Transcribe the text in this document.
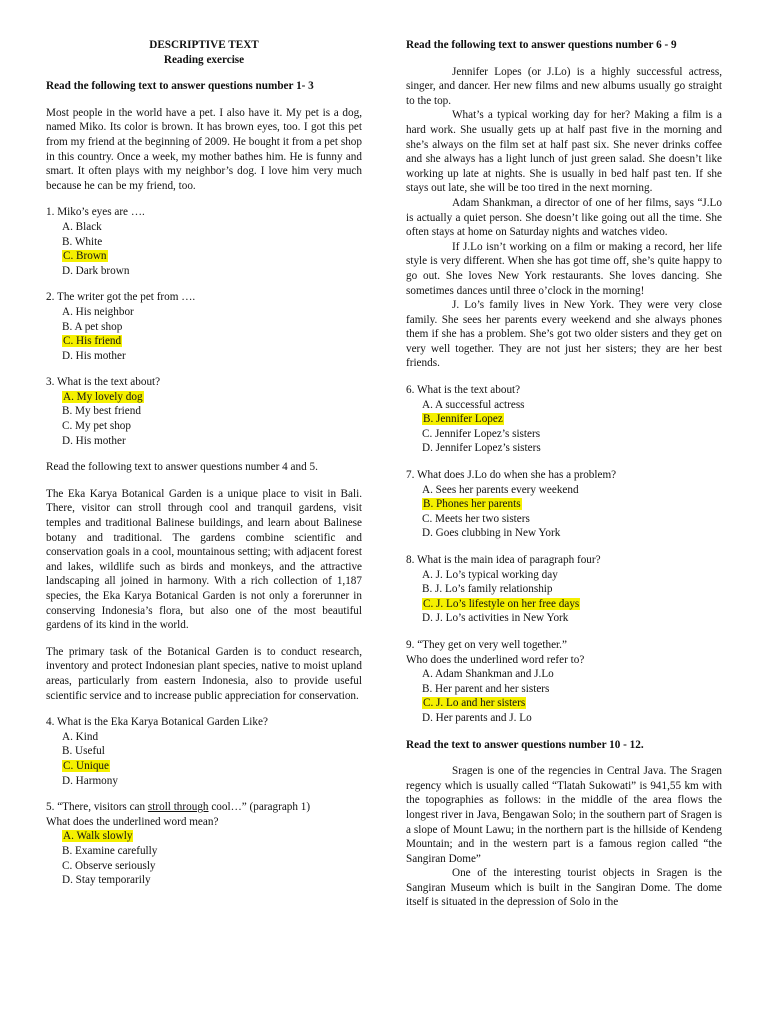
DESCRIPTIVE TEXT

Reading exercise

Read the following text to answer questions number 1- 3

Most people in the world have a pet. I also have it. My pet is a dog, named Miko. Its color is brown. It has brown eyes, too. I got this pet from my friend at the beginning of 2009. He bought it from a pet shop in this country. Once a week, my mother bathes him. He is funny and smart. It often plays with my neighbor’s dog. I love him very much because he can be my friend, too.

1. Miko’s eyes are ….

A. Black
B. White
C. Brown
D. Dark brown

2. The writer got the pet from ….

A. His neighbor
B. A pet shop
C. His friend
D. His mother

3. What is the text about?

A. My lovely dog
B. My best friend
C. My pet shop
D. His mother

Read the following text to answer questions number 4 and 5.

The Eka Karya Botanical Garden is a unique place to visit in Bali. There, visitor can stroll through cool and tranquil gardens, visit temples and traditional Balinese buildings, and learn about Balinese botany and traditional. The gardens combine scientific and conservation goals in a cool, mountainous setting; with adjacent forest and lakes, wildlife such as birds and monkeys, and the attractive landscaping all joined in harmony. With a rich collection of 1,187 species, the Eka Karya Botanical Garden is not only a forerunner in conserving Indonesia’s flora, but also one of the most beautiful gardens of its kind in the world.

The primary task of the Botanical Garden is to conduct research, inventory and protect Indonesian plant species, native to moist upland areas, particularly from eastern Indonesia, also to provide useful scientific service and to increase public appreciation for conservation.

4. What is the Eka Karya Botanical Garden Like?

A. Kind
B. Useful
C. Unique
D. Harmony

5. “There, visitors can stroll through cool…” (paragraph 1)

What does the underlined word mean?

A. Walk slowly
B. Examine carefully
C. Observe seriously
D. Stay temporarily

Read the following text to answer questions number 6 - 9

Jennifer Lopes (or J.Lo) is a highly successful actress, singer, and dancer. Her new films and new albums usually go straight to the top.

What’s a typical working day for her? Making a film is a hard work. She usually gets up at half past five in the morning and she’s always on the film set at half past six. She never drinks coffee and she always has a light lunch of just green salad. She doesn’t like working up late at nights. She is usually in bed half past ten. If she stays out late, she will be too tired in the next morning.

Adam Shankman, a director of one of her films, says “J.Lo is actually a quiet person. She doesn’t like going out all the time. She often stays at home on Saturday nights and watches video.

If J.Lo isn’t working on a film or making a record, her life style is very different. When she has got time off, she’s quite happy to go out. She loves New York restaurants. She loves dancing. She sometimes dances until three o’clock in the morning!

J. Lo’s family lives in New York. They were very close family. She sees her parents every weekend and she always phones them if she has a problem. She’s got two older sisters and they get on very well together. They are not just her sisters; they are her best friends.

6. What is the text about?

A. A successful actress
B. Jennifer Lopez
C. Jennifer Lopez’s sisters
D. Jennifer Lopez’s sisters

7. What does J.Lo do when she has a problem?

A. Sees her parents every weekend
B. Phones her parents
C. Meets her two sisters
D. Goes clubbing in New York

8. What is the main idea of paragraph four?

A. J. Lo’s typical working day
B. J. Lo’s family relationship
C. J. Lo’s lifestyle on her free days
D. J. Lo’s activities in New York

9. “They get on very well together.”

Who does the underlined word refer to?

A. Adam Shankman and J.Lo
B. Her parent and her sisters
C. J. Lo and her sisters
D. Her parents and J. Lo

Read the text to answer questions number 10 - 12.

Sragen is one of the regencies in Central Java. The Sragen regency which is usually called “Tlatah Sukowati” is 941,55 km with the topographies as follows: in the middle of the area flows the longest river in Java, Bengawan Solo; in the southern part of Sragen is a slope of Mount Lawu; in the northern part is the hillside of Kendeng Mountain; and in the western part is a famous region called “the Sangiran Dome”

One of the interesting tourist objects in Sragen is the Sangiran Museum which is built in the Sangiran Dome. The dome itself is situated in the depression of Solo in the
